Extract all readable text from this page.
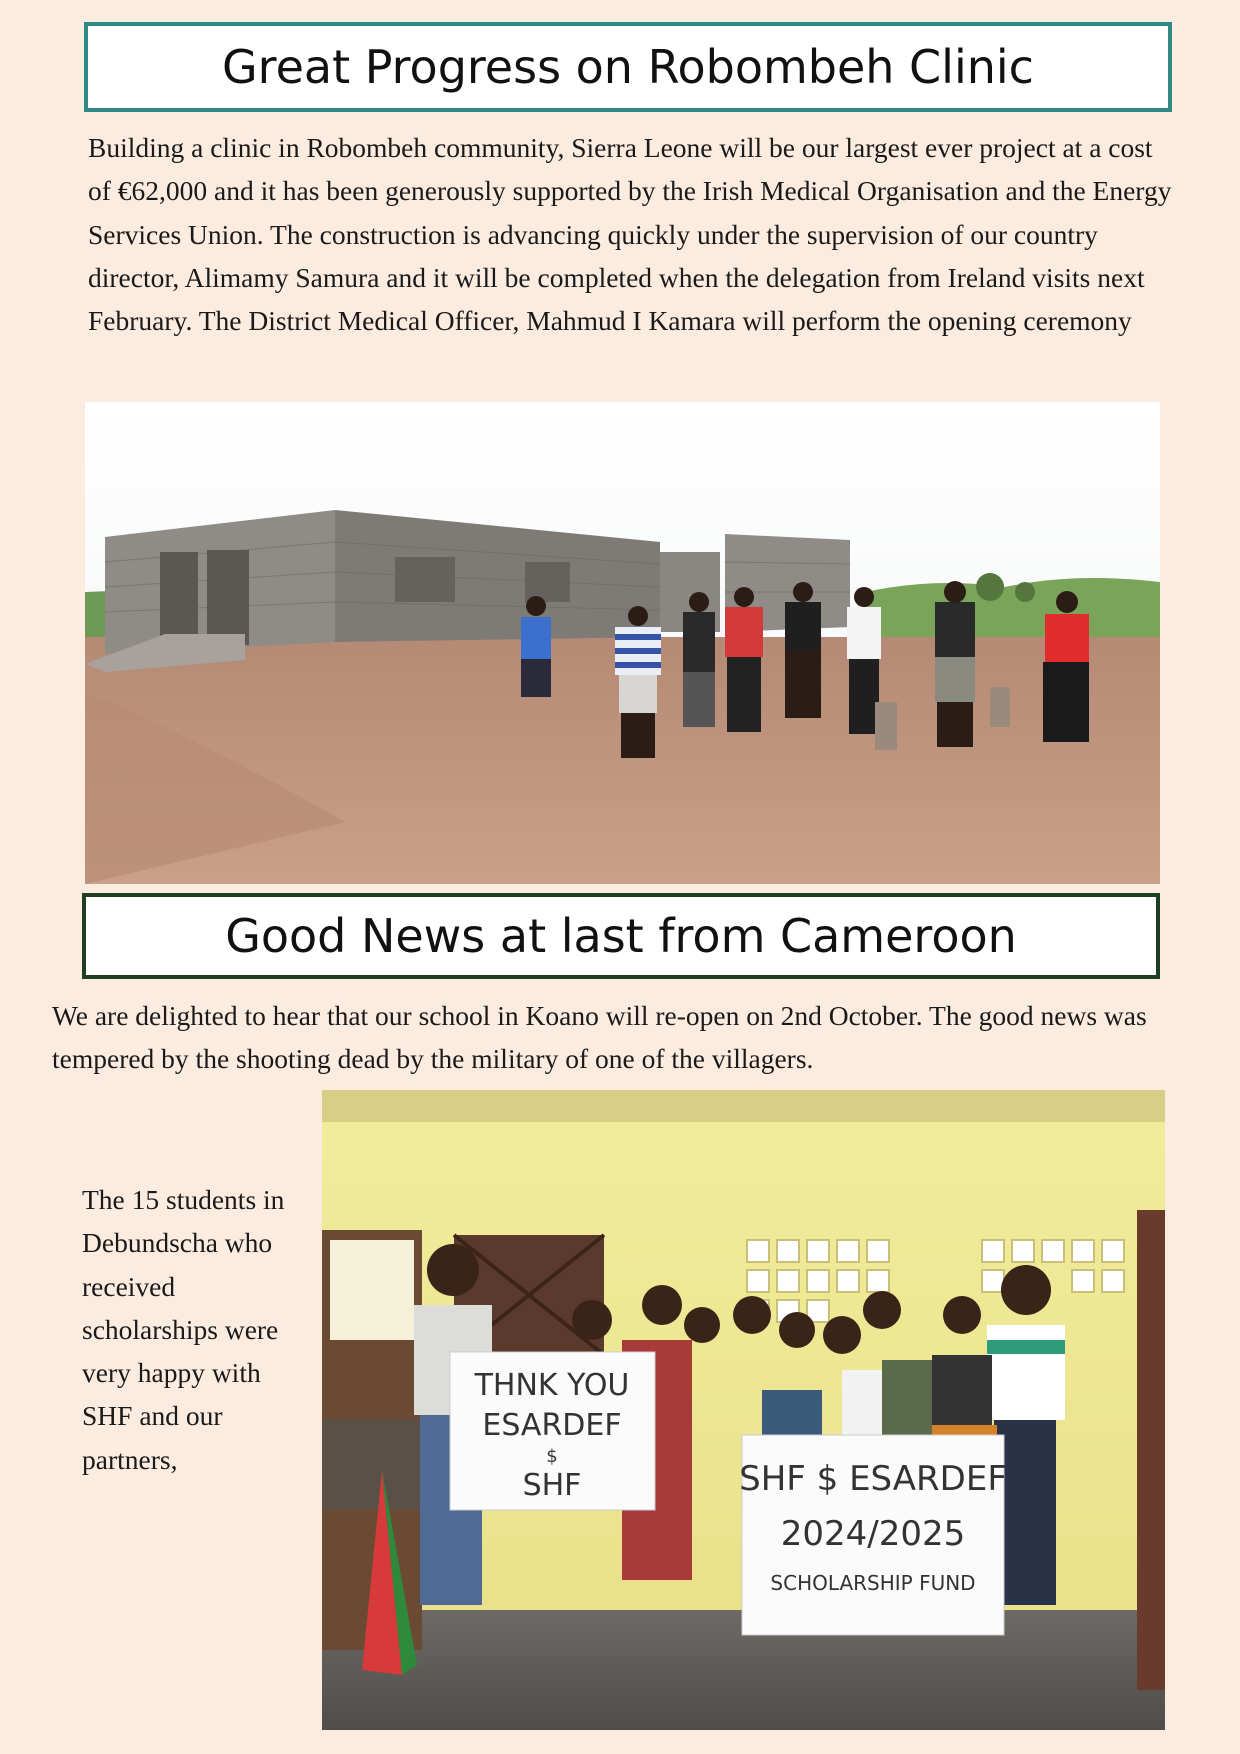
Great Progress on Robombeh Clinic

Building a clinic in Robombeh community, Sierra Leone will be our largest ever project at a cost of €62,000 and it has been generously supported by the Irish Medical Organisation and the Energy Services Union. The construction is advancing quickly under the supervision of our country director, Alimamy Samura and it will be completed when the delegation from Ireland visits next February. The District Medical Officer, Mahmud I Kamara will perform the opening ceremony

Good News at last from Cameroon

We are delighted to hear that our school in Koano will re-open on 2nd October. The good news was tempered by the shooting dead by the military of one of the villagers.

The 15 students in Debundscha who received scholarships were very happy with SHF and our partners,

THNK YOU
ESARDEF
$
SHF	SHF $ ESARDEF
2024/2025
SCHOLARSHIP FUND
